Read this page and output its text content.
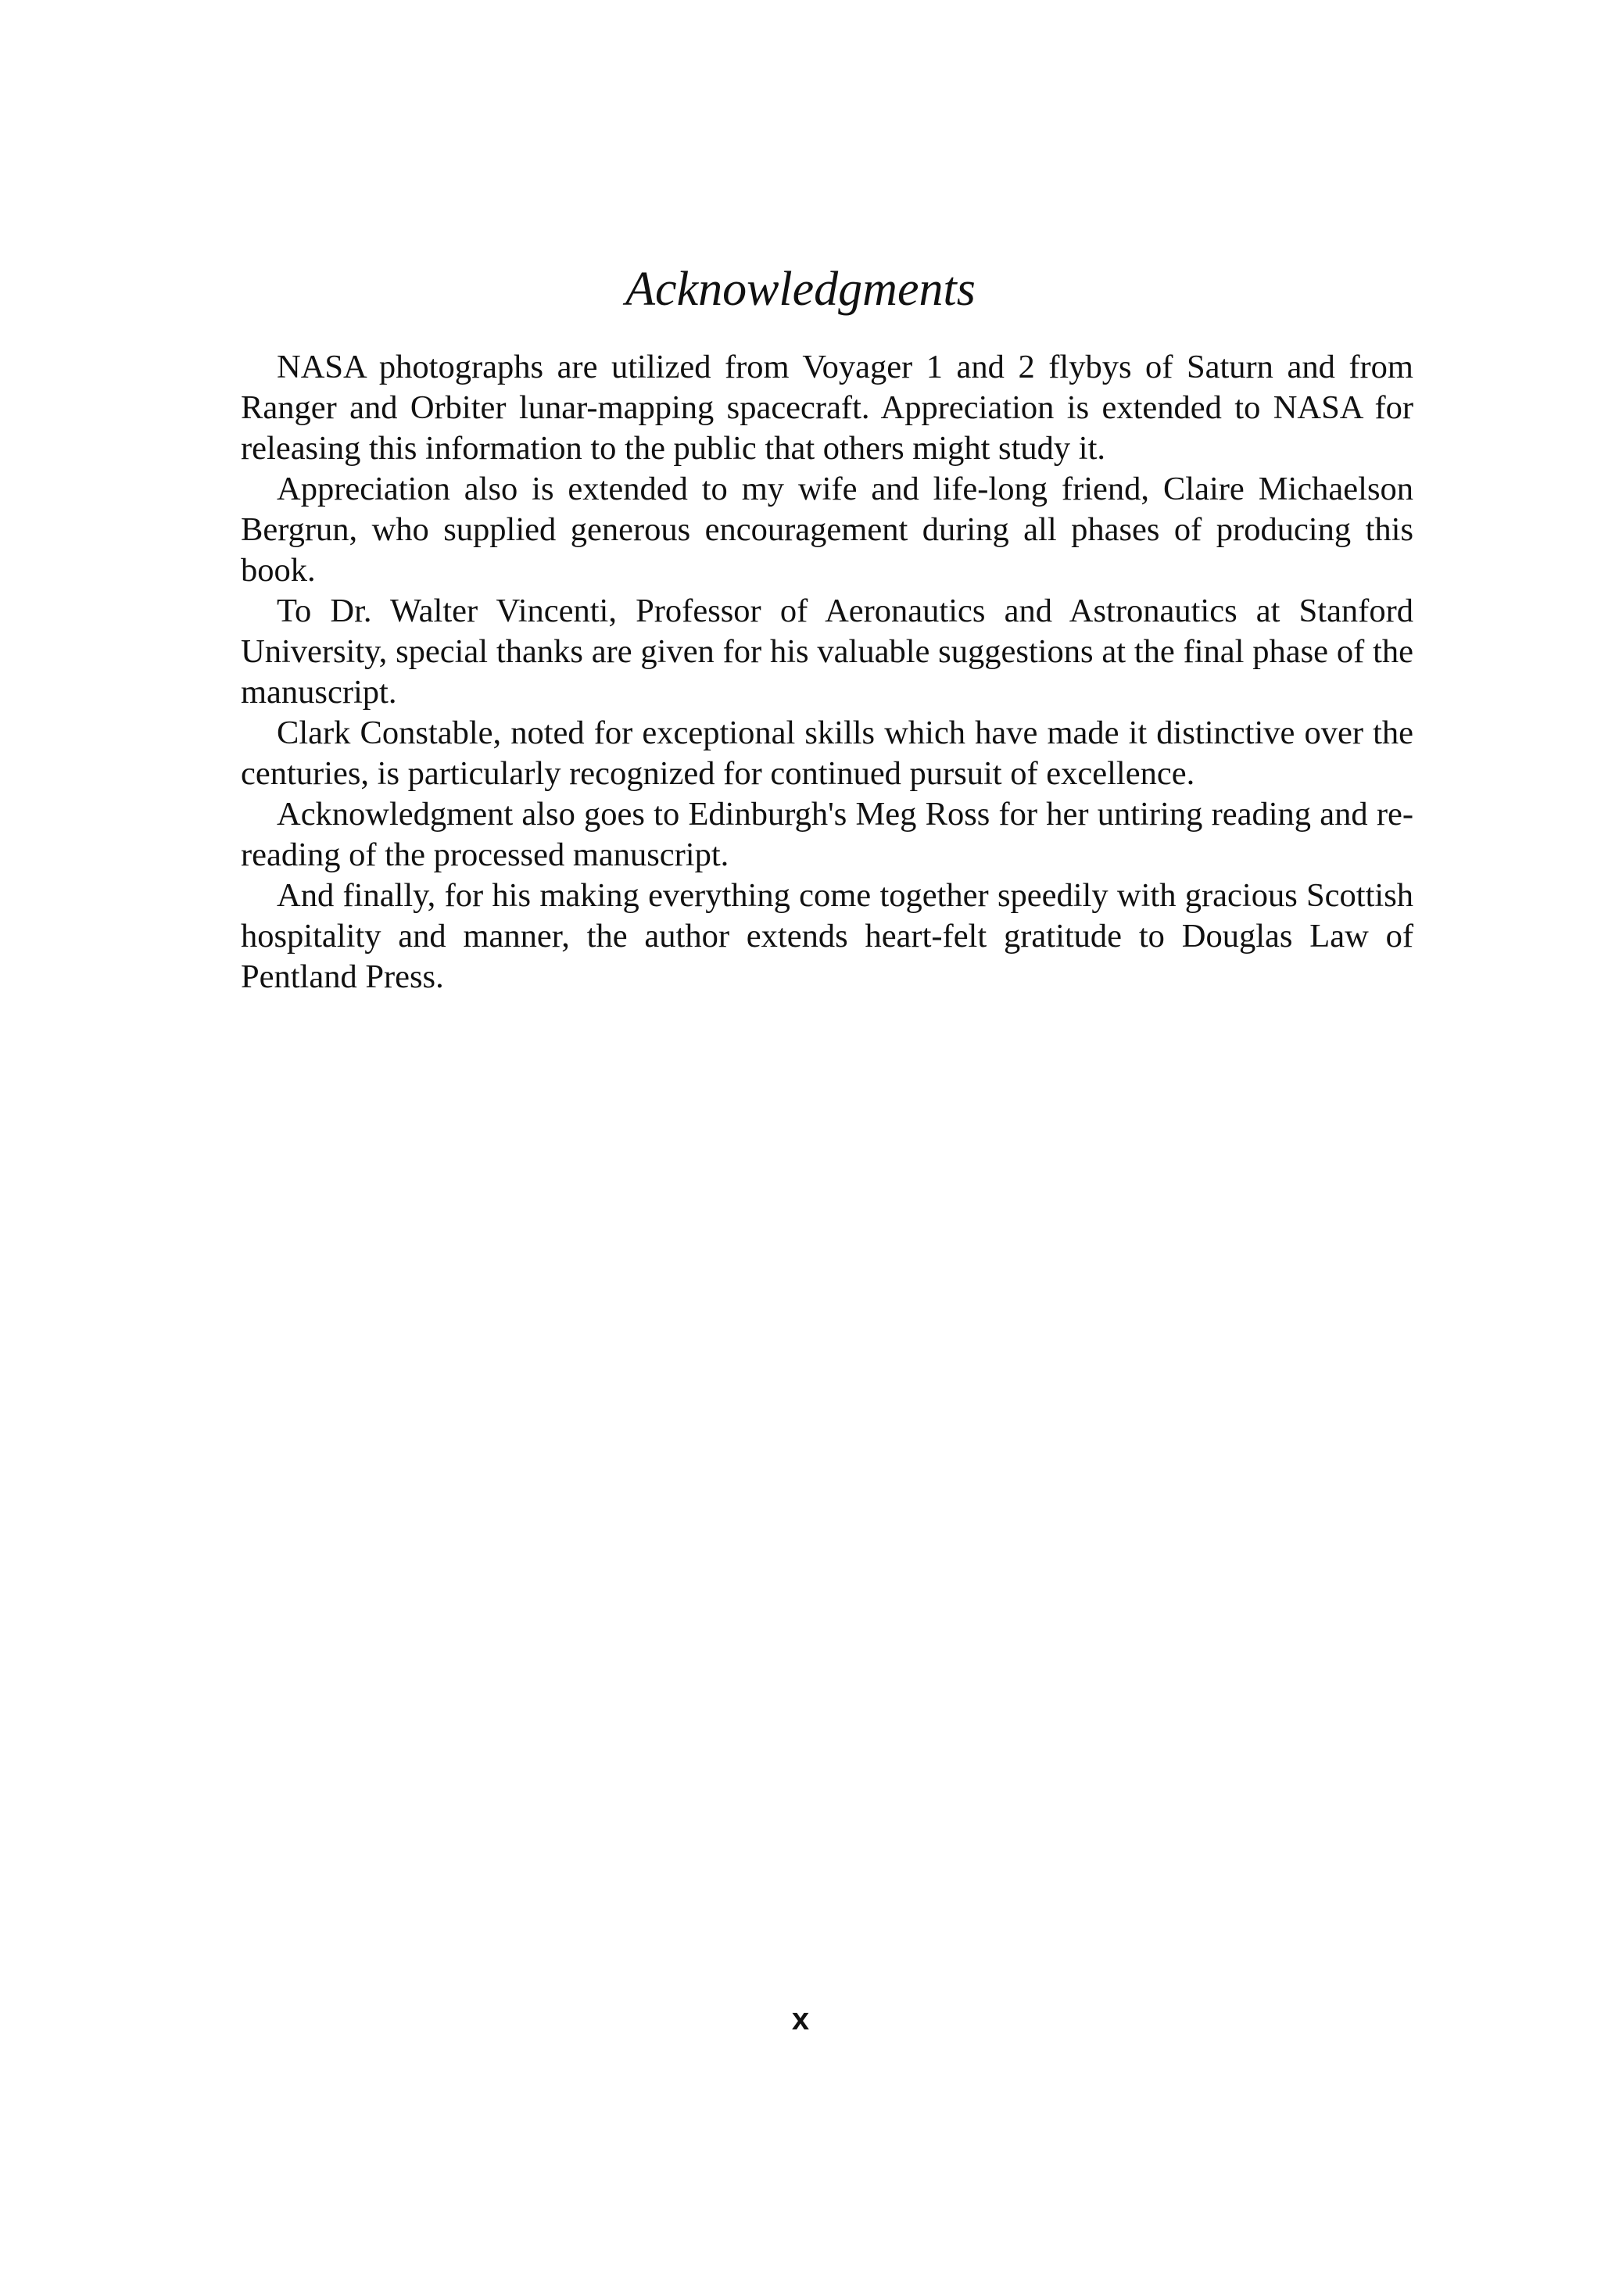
Acknowledgments

NASA photographs are utilized from Voyager 1 and 2 flybys of Saturn and from Ranger and Orbiter lunar-mapping spacecraft. Appreciation is extended to NASA for releasing this information to the public that others might study it.

Appreciation also is extended to my wife and life-long friend, Claire Michaelson Bergrun, who supplied generous encouragement during all phases of producing this book.

To Dr. Walter Vincenti, Professor of Aeronautics and Astronautics at Stanford University, special thanks are given for his valuable suggestions at the final phase of the manuscript.

Clark Constable, noted for exceptional skills which have made it distinctive over the centuries, is particularly recognized for continued pursuit of excellence.

Acknowledgment also goes to Edinburgh's Meg Ross for her untiring reading and re-reading of the processed manuscript.

And finally, for his making everything come together speedily with gracious Scottish hospitality and manner, the author extends heart-felt gratitude to Douglas Law of Pentland Press.

x
